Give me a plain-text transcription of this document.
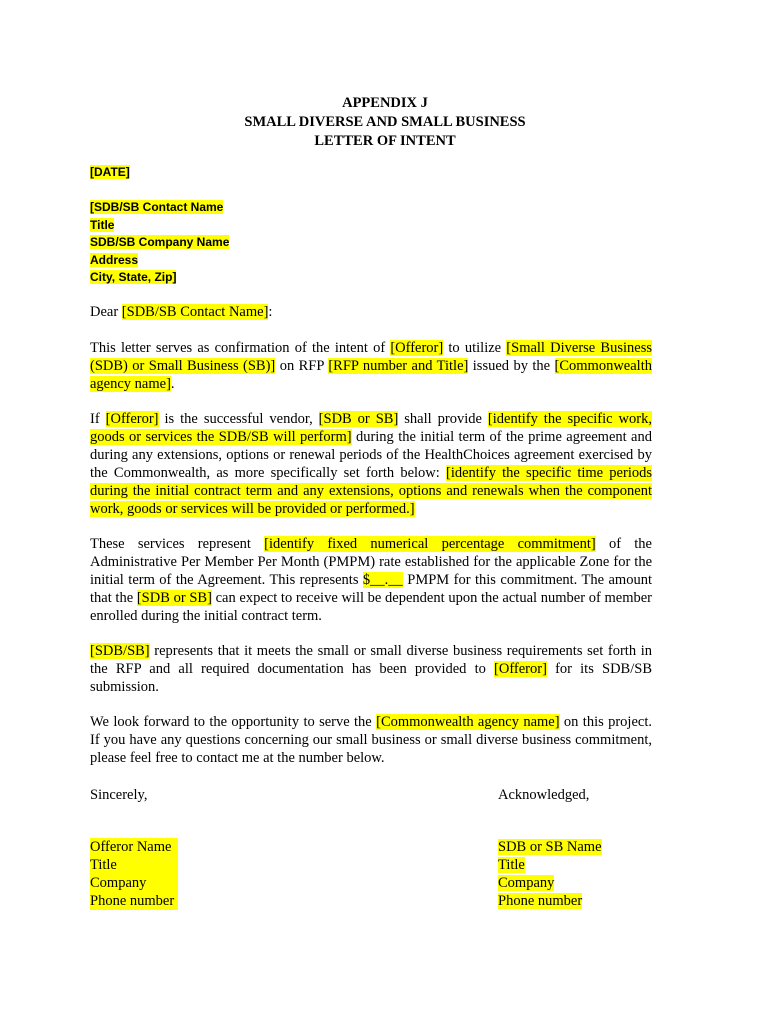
APPENDIX J
SMALL DIVERSE AND SMALL BUSINESS
LETTER OF INTENT
[DATE]
[SDB/SB Contact Name
Title
SDB/SB Company Name
Address
City, State, Zip]
Dear [SDB/SB Contact Name]:
This letter serves as confirmation of the intent of [Offeror] to utilize [Small Diverse Business (SDB) or Small Business (SB)] on RFP [RFP number and Title] issued by the [Commonwealth agency name].
If [Offeror] is the successful vendor, [SDB or SB] shall provide [identify the specific work, goods or services the SDB/SB will perform] during the initial term of the prime agreement and during any extensions, options or renewal periods of the HealthChoices agreement exercised by the Commonwealth, as more specifically set forth below: [identify the specific time periods during the initial contract term and any extensions, options and renewals when the component work, goods or services will be provided or performed.]
These services represent [identify fixed numerical percentage commitment] of the Administrative Per Member Per Month (PMPM) rate established for the applicable Zone for the initial term of the Agreement. This represents $__.__ PMPM for this commitment. The amount that the [SDB or SB] can expect to receive will be dependent upon the actual number of member enrolled during the initial contract term.
[SDB/SB] represents that it meets the small or small diverse business requirements set forth in the RFP and all required documentation has been provided to [Offeror] for its SDB/SB submission.
We look forward to the opportunity to serve the [Commonwealth agency name] on this project. If you have any questions concerning our small business or small diverse business commitment, please feel free to contact me at the number below.
Sincerely,	Acknowledged,
Offeror Name
Title
Company
Phone number
SDB or SB Name
Title
Company
Phone number
